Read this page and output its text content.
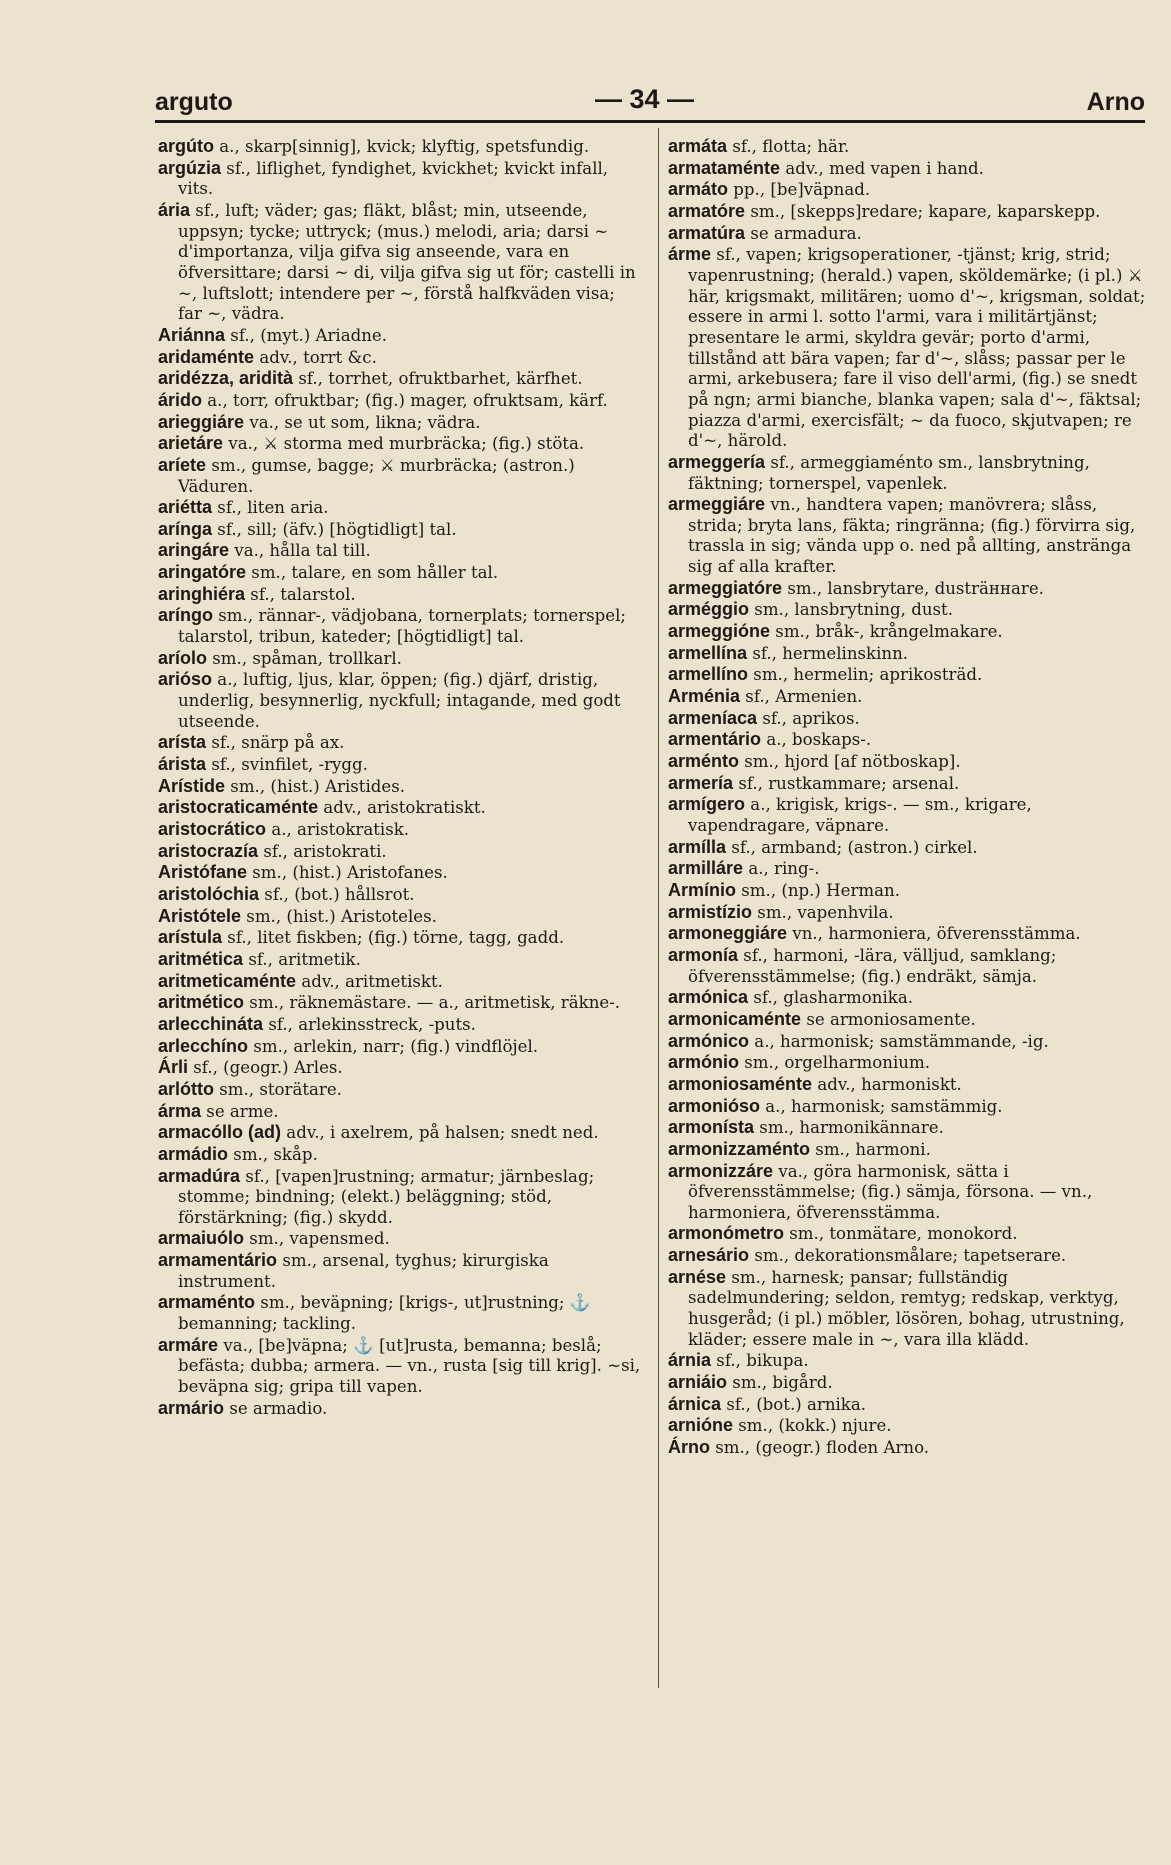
arguto	— 34 —	Arno

argúto a., skarp[sinnig], kvick; klyftig, spetsfundig.

argúzia sf., liflighet, fyndighet, kvickhet; kvickt infall, vits.

ária sf., luft; väder; gas; fläkt, blåst; min, utseende, uppsyn; tycke; uttryck; (mus.) melodi, aria; darsi ~ d'importanza, vilja gifva sig anseende, vara en öfversittare; darsi ~ di, vilja gifva sig ut för; castelli in ~, luftslott; intendere per ~, förstå halfkväden visa; far ~, vädra.

Ariánna sf., (myt.) Ariadne.

aridaménte adv., torrt &c.

aridézza, aridità sf., torrhet, ofruktbarhet, kärfhet.

árido a., torr, ofruktbar; (fig.) mager, ofruktsam, kärf.

arieggiáre va., se ut som, likna; vädra.

arietáre va., ⚔ storma med murbräcka; (fig.) stöta.

aríete sm., gumse, bagge; ⚔ murbräcka; (astron.) Väduren.

ariétta sf., liten aria.

arínga sf., sill; (äfv.) [högtidligt] tal.

aringáre va., hålla tal till.

aringatóre sm., talare, en som håller tal.

aringhiéra sf., talarstol.

aríngo sm., rännar-, vädjobana, tornerplats; tornerspel; talarstol, tribun, kateder; [högtidligt] tal.

aríolo sm., spåman, trollkarl.

arióso a., luftig, ljus, klar, öppen; (fig.) djärf, dristig, underlig, besynnerlig, nyckfull; intagande, med godt utseende.

arísta sf., snärp på ax.

árista sf., svinfilet, -rygg.

Arístide sm., (hist.) Aristides.

aristocraticaménte adv., aristokratiskt.

aristocrático a., aristokratisk.

aristocrazía sf., aristokrati.

Aristófane sm., (hist.) Aristofanes.

aristolóchia sf., (bot.) hållsrot.

Aristótele sm., (hist.) Aristoteles.

arístula sf., litet fiskben; (fig.) törne, tagg, gadd.

aritmética sf., aritmetik.

aritmeticaménte adv., aritmetiskt.

aritmético sm., räknemästare. — a., aritmetisk, räkne-.

arlecchináta sf., arlekinsstreck, -puts.

arlecchíno sm., arlekin, narr; (fig.) vindflöjel.

Árli sf., (geogr.) Arles.

arlótto sm., storätare.

árma se arme.

armacóllo (ad) adv., i axelrem, på halsen; snedt ned.

armádio sm., skåp.

armadúra sf., [vapen]rustning; armatur; järnbeslag; stomme; bindning; (elekt.) beläggning; stöd, förstärkning; (fig.) skydd.

armaiuólo sm., vapensmed.

armamentário sm., arsenal, tyghus; kirurgiska instrument.

armaménto sm., beväpning; [krigs-, ut]rustning; ⚓ bemanning; tackling.

armáre va., [be]väpna; ⚓ [ut]rusta, bemanna; beslå; befästa; dubba; armera. — vn., rusta [sig till krig]. ~si, beväpna sig; gripa till vapen.

armário se armadio.

armáta sf., flotta; här.

armataménte adv., med vapen i hand.

armáto pp., [be]väpnad.

armatóre sm., [skepps]redare; kapare, kaparskepp.

armatúra se armadura.

árme sf., vapen; krigsoperationer, -tjänst; krig, strid; vapenrustning; (herald.) vapen, sköldemärke; (i pl.) ⚔ här, krigsmakt, militären; uomo d'~, krigsman, soldat; essere in armi l. sotto l'armi, vara i militärtjänst; presentare le armi, skyldra gevär; porto d'armi, tillstånd att bära vapen; far d'~, slåss; passar per le armi, arkebusera; fare il viso dell'armi, (fig.) se snedt på ngn; armi bianche, blanka vapen; sala d'~, fäktsal; piazza d'armi, exercisfält; ~ da fuoco, skjutvapen; re d'~, härold.

armeggería sf., armeggiaménto sm., lansbrytning, fäktning; tornerspel, vapenlek.

armeggiáre vn., handtera vapen; manövrera; slåss, strida; bryta lans, fäkta; ringränna; (fig.) förvirra sig, trassla in sig; vända upp o. ned på allting, anstränga sig af alla krafter.

armeggiatóre sm., lansbrytare, dusträннare.

arméggio sm., lansbrytning, dust.

armeggióne sm., bråk-, krångelmakare.

armellína sf., hermelinskinn.

armellíno sm., hermelin; aprikosträd.

Arménia sf., Armenien.

armeníaca sf., aprikos.

armentário a., boskaps-.

arménto sm., hjord [af nötboskap].

armería sf., rustkammare; arsenal.

armígero a., krigisk, krigs-. — sm., krigare, vapendragare, väpnare.

armílla sf., armband; (astron.) cirkel.

armilláre a., ring-.

Armínio sm., (np.) Herman.

armistízio sm., vapenhvila.

armoneggiáre vn., harmoniera, öfverensstämma.

armonía sf., harmoni, -lära, välljud, samklang; öfverensstämmelse; (fig.) endräkt, sämja.

armónica sf., glasharmonika.

armonicaménte se armoniosamente.

armónico a., harmonisk; samstämmande, -ig.

armónio sm., orgelharmonium.

armoniosaménte adv., harmoniskt.

armonióso a., harmonisk; samstämmig.

armonísta sm., harmonikännare.

armonizzaménto sm., harmoni.

armonizzáre va., göra harmonisk, sätta i öfverensstämmelse; (fig.) sämja, försona. — vn., harmoniera, öfverensstämma.

armonómetro sm., tonmätare, monokord.

arnesário sm., dekorationsmålare; tapetserare.

arnése sm., harnesk; pansar; fullständig sadelmundering; seldon, remtyg; redskap, verktyg, husgeråd; (i pl.) möbler, lösören, bohag, utrustning, kläder; essere male in ~, vara illa klädd.

árnia sf., bikupa.

arniáio sm., bigård.

árnica sf., (bot.) arnika.

arnióne sm., (kokk.) njure.

Árno sm., (geogr.) floden Arno.
